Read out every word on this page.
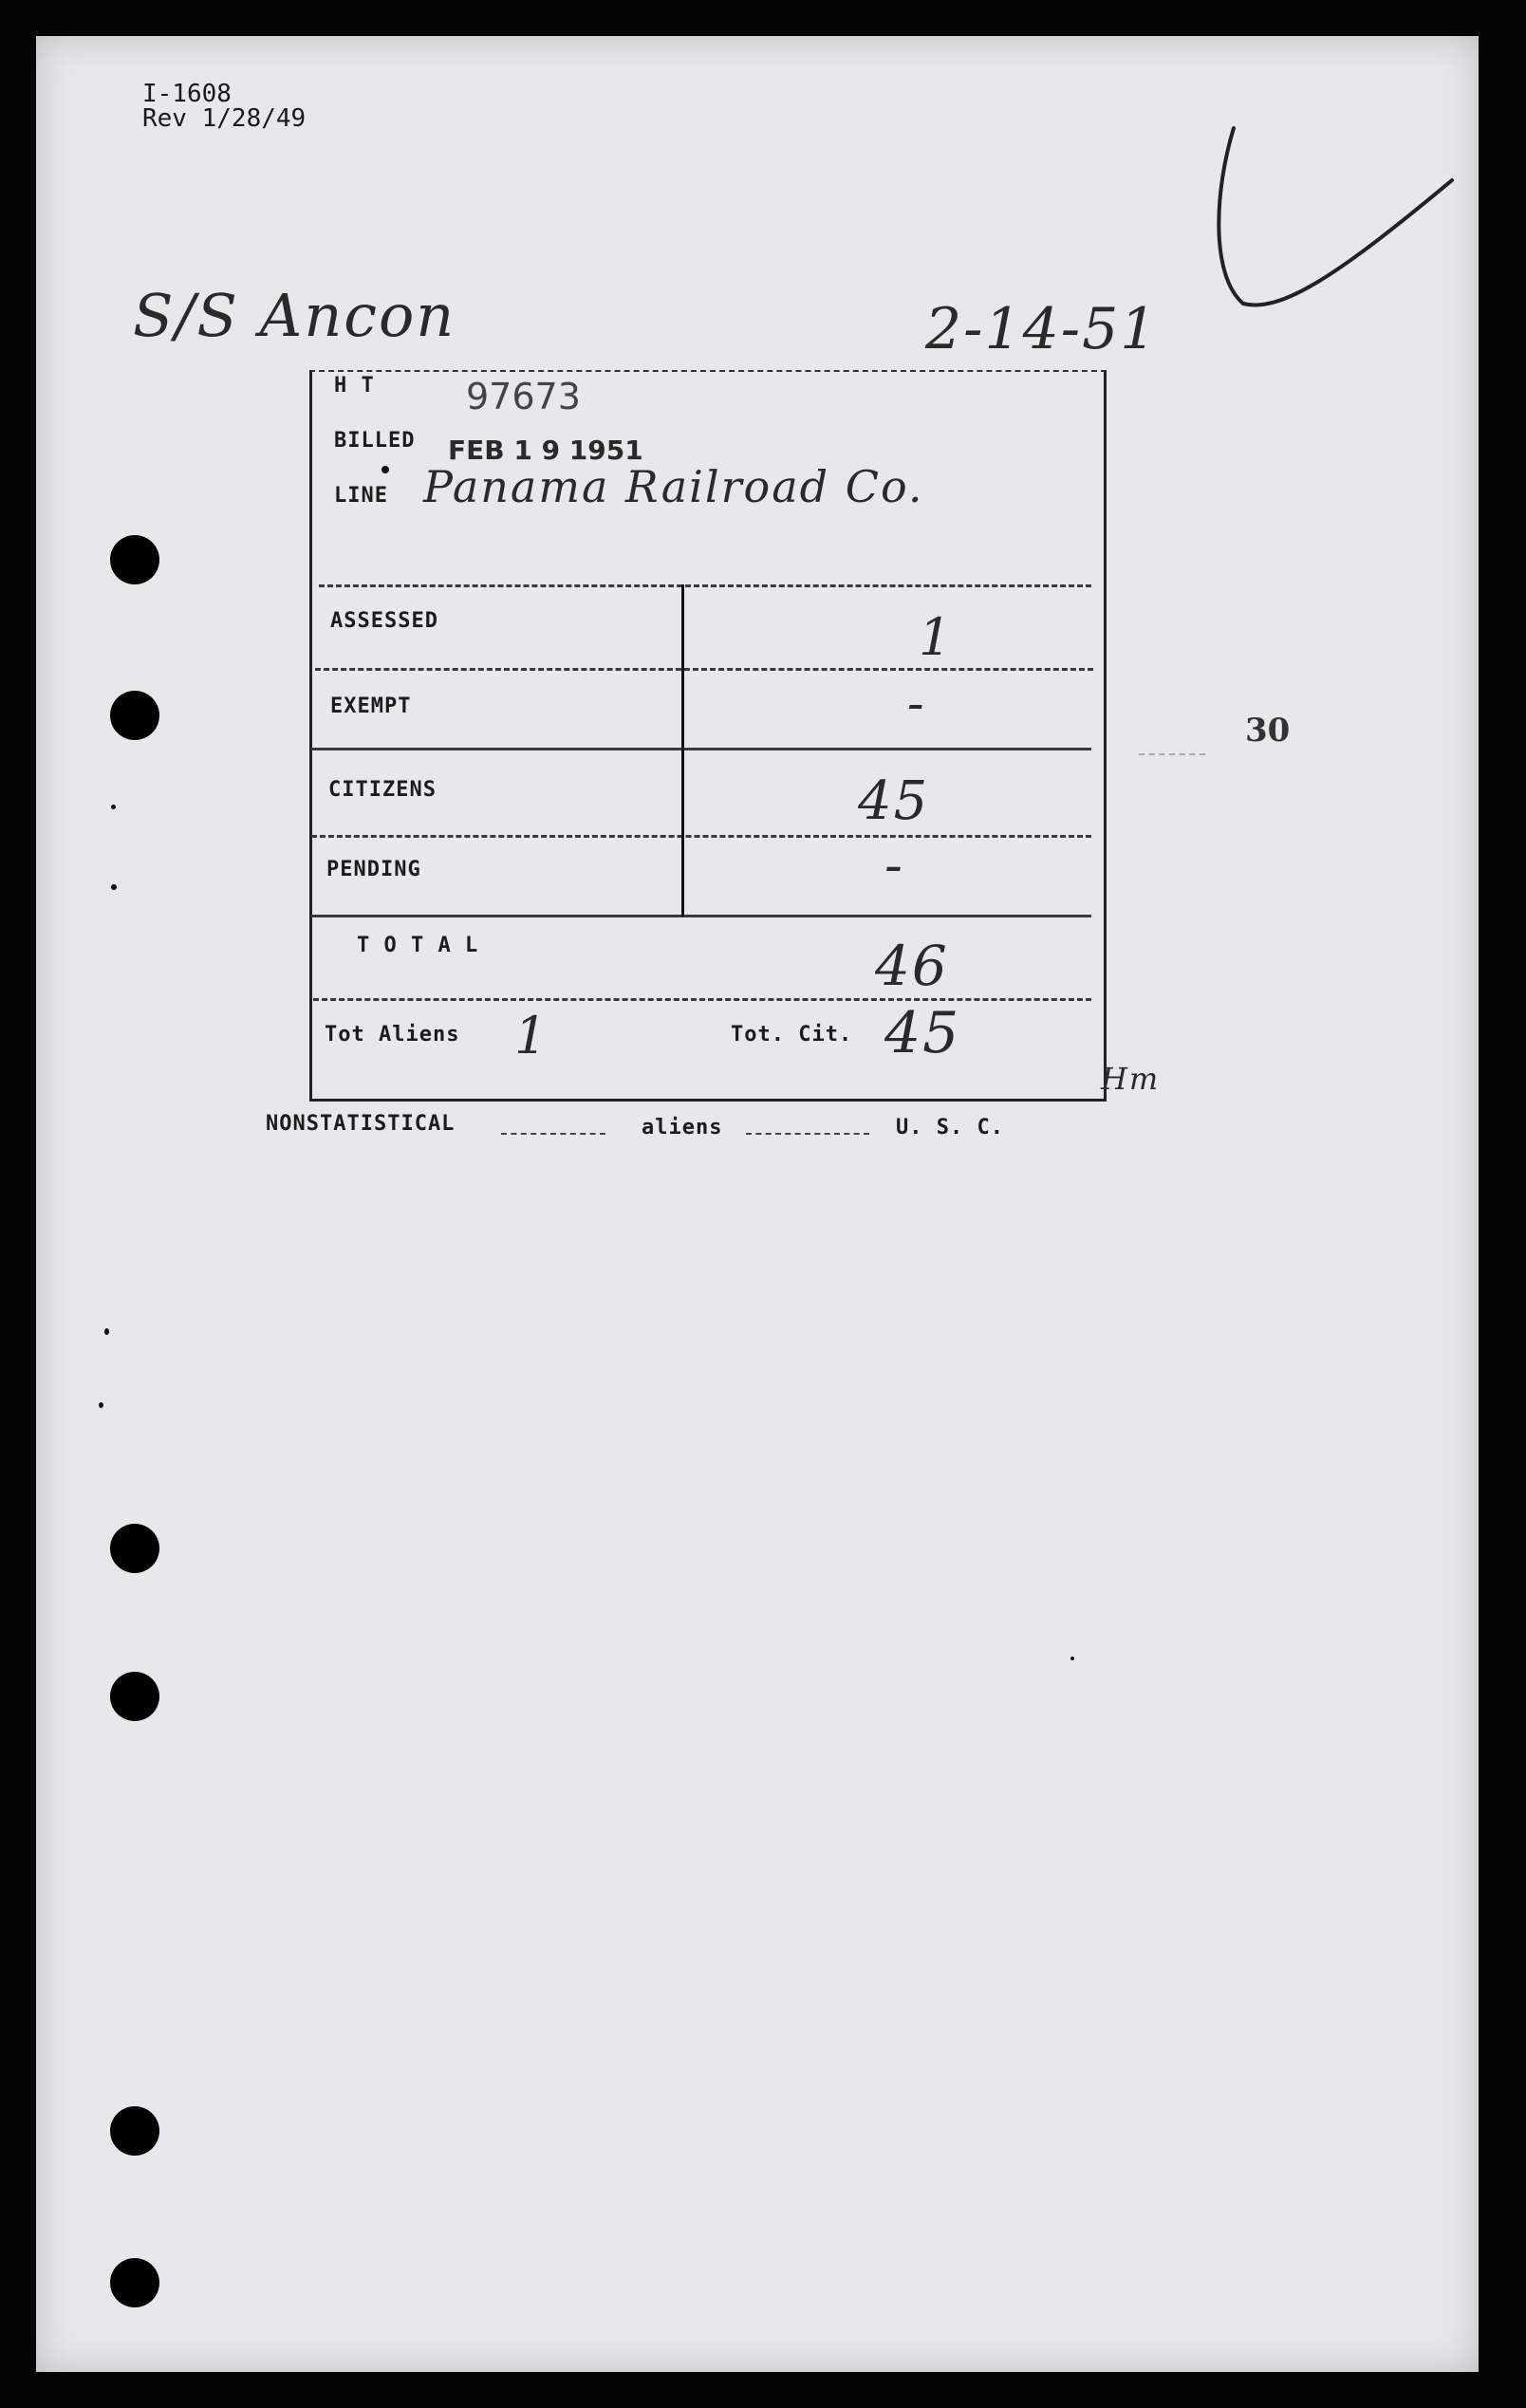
I-1608
Rev 1/28/49
S/S Ancon	2-14-51
30
H T	97673
BILLED FEB 1 9 1951
LINE Panama Railroad Co.
ASSESSED	1
EXEMPT	-
CITIZENS	45
PENDING	-
T O T A L	46
Tot Aliens 1	Tot. Cit. 45
Hm
NONSTATISTICAL	aliens	U. S. C.
